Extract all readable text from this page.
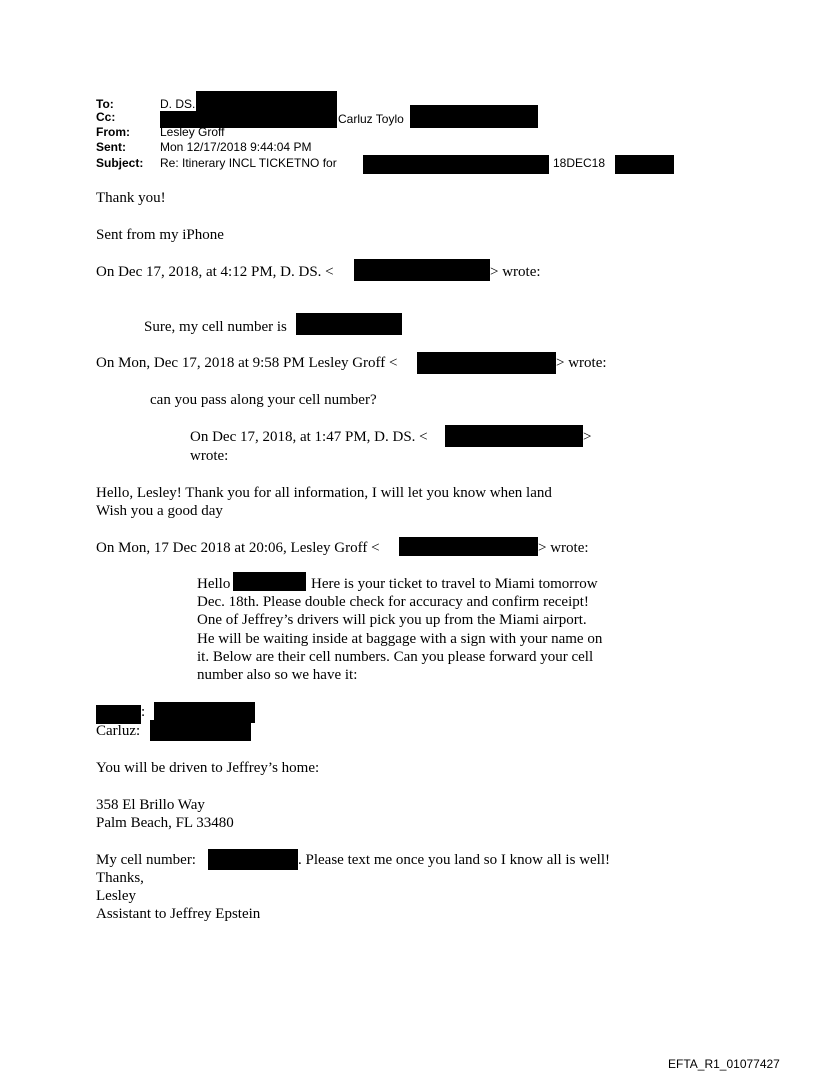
To:	D. DS.
Cc:	Carluz Toylo
From:	Lesley Groff
Sent:	Mon 12/17/2018 9:44:04 PM
Subject:	Re: Itinerary INCL TICKETNO for	18DEC18
Thank you!
Sent from my iPhone
On Dec 17, 2018, at 4:12 PM, D. DS. <	> wrote:
Sure, my cell number is
On Mon, Dec 17, 2018 at 9:58 PM Lesley Groff <	> wrote:
can you pass along your cell number?
On Dec 17, 2018, at 1:47 PM, D. DS. <	>
wrote:
Hello, Lesley! Thank you for all information, I will let you know when land
Wish you a good day
On Mon, 17 Dec 2018 at 20:06, Lesley Groff <	> wrote:
Hello	Here is your ticket to travel to Miami tomorrow
Dec. 18th. Please double check for accuracy and confirm receipt!
One of Jeffrey’s drivers will pick you up from the Miami airport.
He will be waiting inside at baggage with a sign with your name on
it. Below are their cell numbers. Can you please forward your cell
number also so we have it:
:
Carluz:
You will be driven to Jeffrey’s home:
358 El Brillo Way
Palm Beach, FL 33480
My cell number:	. Please text me once you land so I know all is well!
Thanks,
Lesley
Assistant to Jeffrey Epstein
EFTA_R1_01077427
